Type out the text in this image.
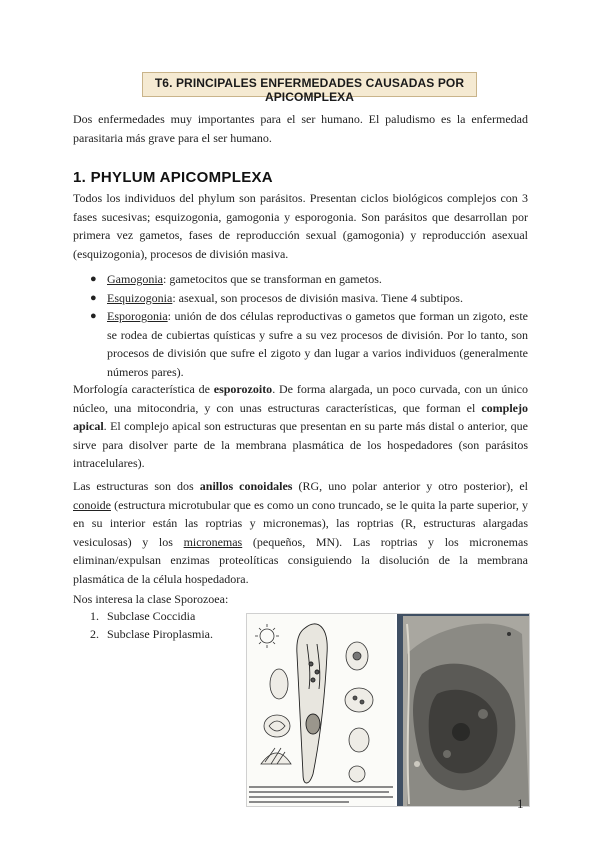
T6. PRINCIPALES ENFERMEDADES CAUSADAS POR APICOMPLEXA

Dos enfermedades muy importantes para el ser humano. El paludismo es la enfermedad parasitaria más grave para el ser humano.

1. PHYLUM APICOMPLEXA

Todos los individuos del phylum son parásitos. Presentan ciclos biológicos complejos con 3 fases sucesivas; esquizogonia, gamogonia y esporogonia. Son parásitos que desarrollan por primera vez gametos, fases de reproducción sexual (gamogonia) y reproducción asexual (esquizogonia), procesos de división masiva.

● Gamogonia: gametocitos que se transforman en gametos.
● Esquizogonia: asexual, son procesos de división masiva. Tiene 4 subtipos.
● Esporogonia: unión de dos células reproductivas o gametos que forman un zigoto, este se rodea de cubiertas quísticas y sufre a su vez procesos de división. Por lo tanto, son procesos de división que sufre el zigoto y dan lugar a varios individuos (generalmente números pares).

Morfología característica de esporozoito. De forma alargada, un poco curvada, con un único núcleo, una mitocondria, y con unas estructuras características, que forman el complejo apical. El complejo apical son estructuras que presentan en su parte más distal o anterior, que sirve para disolver parte de la membrana plasmática de los hospedadores (son parásitos intracelulares).

Las estructuras son dos anillos conoidales (RG, uno polar anterior y otro posterior), el conoide (estructura microtubular que es como un cono truncado, se le quita la parte superior, y en su interior están las roptrias y micronemas), las roptrias (R, estructuras alargadas vesiculosas) y los micronemas (pequeños, MN). Las roptrias y los micronemas eliminan/expulsan enzimas proteolíticas consiguiendo la disolución de la membrana plasmática de la célula hospedadora.

Nos interesa la clase Sporozoea:

1. Subclase Coccidia
2. Subclase Piroplasmia.
1
